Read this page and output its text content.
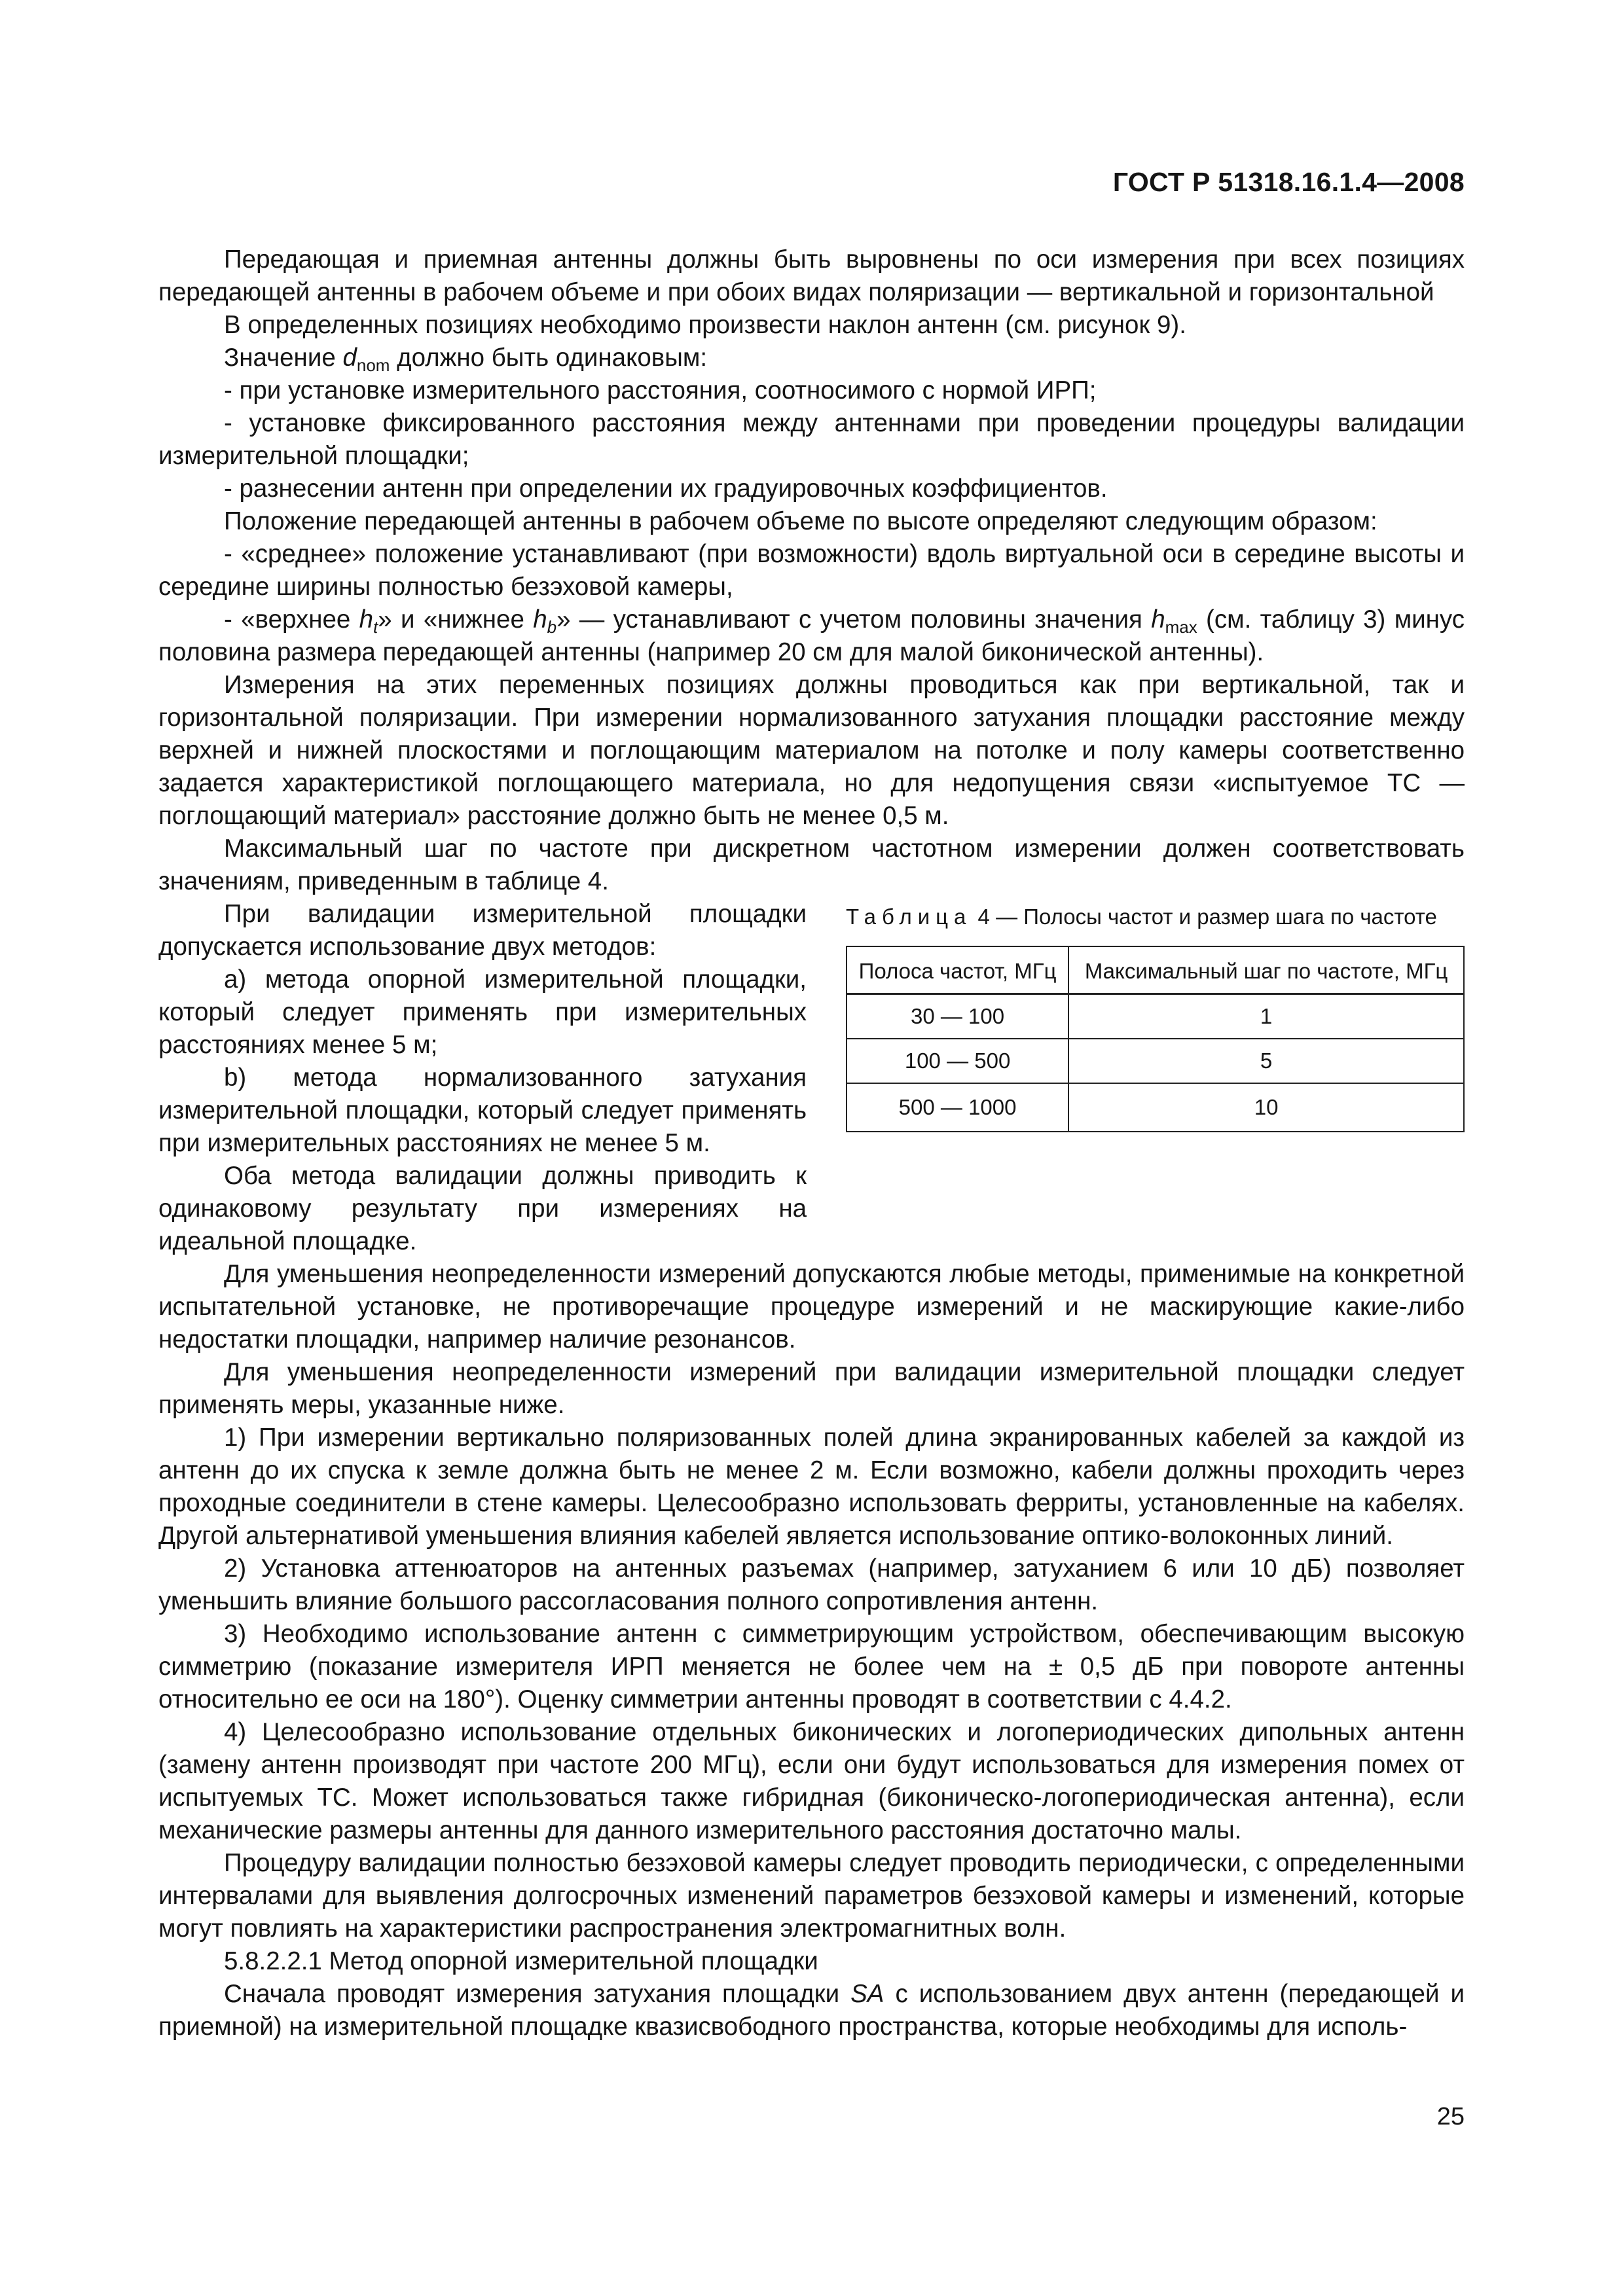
ГОСТ Р 51318.16.1.4—2008

Передающая и приемная антенны должны быть выровнены по оси измерения при всех позициях передающей антенны в рабочем объеме и при обоих видах поляризации — вертикальной и горизонтальной

В определенных позициях необходимо произвести наклон антенн (см. рисунок 9).

Значение $d_{nom}$ должно быть одинаковым:

- при установке измерительного расстояния, соотносимого с нормой ИРП;

- установке фиксированного расстояния между антеннами при проведении процедуры валидации измерительной площадки;

- разнесении антенн при определении их градуировочных коэффициентов.

Положение передающей антенны в рабочем объеме по высоте определяют следующим образом:

- «среднее» положение устанавливают (при возможности) вдоль виртуальной оси в середине высоты и середине ширины полностью безэховой камеры,

- «верхнее $h_t$» и «нижнее $h_b$» — устанавливают с учетом половины значения $h_{max}$ (см. таблицу 3) минус половина размера передающей антенны (например 20 см для малой биконической антенны).

Измерения на этих переменных позициях должны проводиться как при вертикальной, так и горизонтальной поляризации. При измерении нормализованного затухания площадки расстояние между верхней и нижней плоскостями и поглощающим материалом на потолке и полу камеры соответственно задается характеристикой поглощающего материала, но для недопущения связи «испытуемое ТС — поглощающий материал» расстояние должно быть не менее 0,5 м.

Максимальный шаг по частоте при дискретном частотном измерении должен соответствовать значениям, приведенным в таблице 4.

При валидации измерительной площадки допускается использование двух методов:

а) метода опорной измерительной площадки, который следует применять при измерительных расстояниях менее 5 м;

b) метода нормализованного затухания измерительной площадки, который следует применять при измерительных расстояниях не менее 5 м.

Оба метода валидации должны приводить к одинаковому результату при измерениях на идеальной площадке.

Таблица 4 — Полосы частот и размер шага по частоте
Полоса частот, МГц	Максимальный шаг по частоте, МГц
30 — 100	1
100 — 500	5
500 — 1000	10

Для уменьшения неопределенности измерений допускаются любые методы, применимые на конкретной испытательной установке, не противоречащие процедуре измерений и не маскирующие какие-либо недостатки площадки, например наличие резонансов.

Для уменьшения неопределенности измерений при валидации измерительной площадки следует применять меры, указанные ниже.

1) При измерении вертикально поляризованных полей длина экранированных кабелей за каждой из антенн до их спуска к земле должна быть не менее 2 м. Если возможно, кабели должны проходить через проходные соединители в стене камеры. Целесообразно использовать ферриты, установленные на кабелях. Другой альтернативой уменьшения влияния кабелей является использование оптико-волоконных линий.

2) Установка аттенюаторов на антенных разъемах (например, затуханием 6 или 10 дБ) позволяет уменьшить влияние большого рассогласования полного сопротивления антенн.

3) Необходимо использование антенн с симметрирующим устройством, обеспечивающим высокую симметрию (показание измерителя ИРП меняется не более чем на ± 0,5 дБ при повороте антенны относительно ее оси на 180°). Оценку симметрии антенны проводят в соответствии с 4.4.2.

4) Целесообразно использование отдельных биконических и логопериодических дипольных антенн (замену антенн производят при частоте 200 МГц), если они будут использоваться для измерения помех от испытуемых ТС. Может использоваться также гибридная (биконическо-логопериодическая антенна), если механические размеры антенны для данного измерительного расстояния достаточно малы.

Процедуру валидации полностью безэховой камеры следует проводить периодически, с определенными интервалами для выявления долгосрочных изменений параметров безэховой камеры и изменений, которые могут повлиять на характеристики распространения электромагнитных волн.

5.8.2.2.1 Метод опорной измерительной площадки

Сначала проводят измерения затухания площадки SA с использованием двух антенн (передающей и приемной) на измерительной площадке квазисвободного пространства, которые необходимы для исполь-

25
